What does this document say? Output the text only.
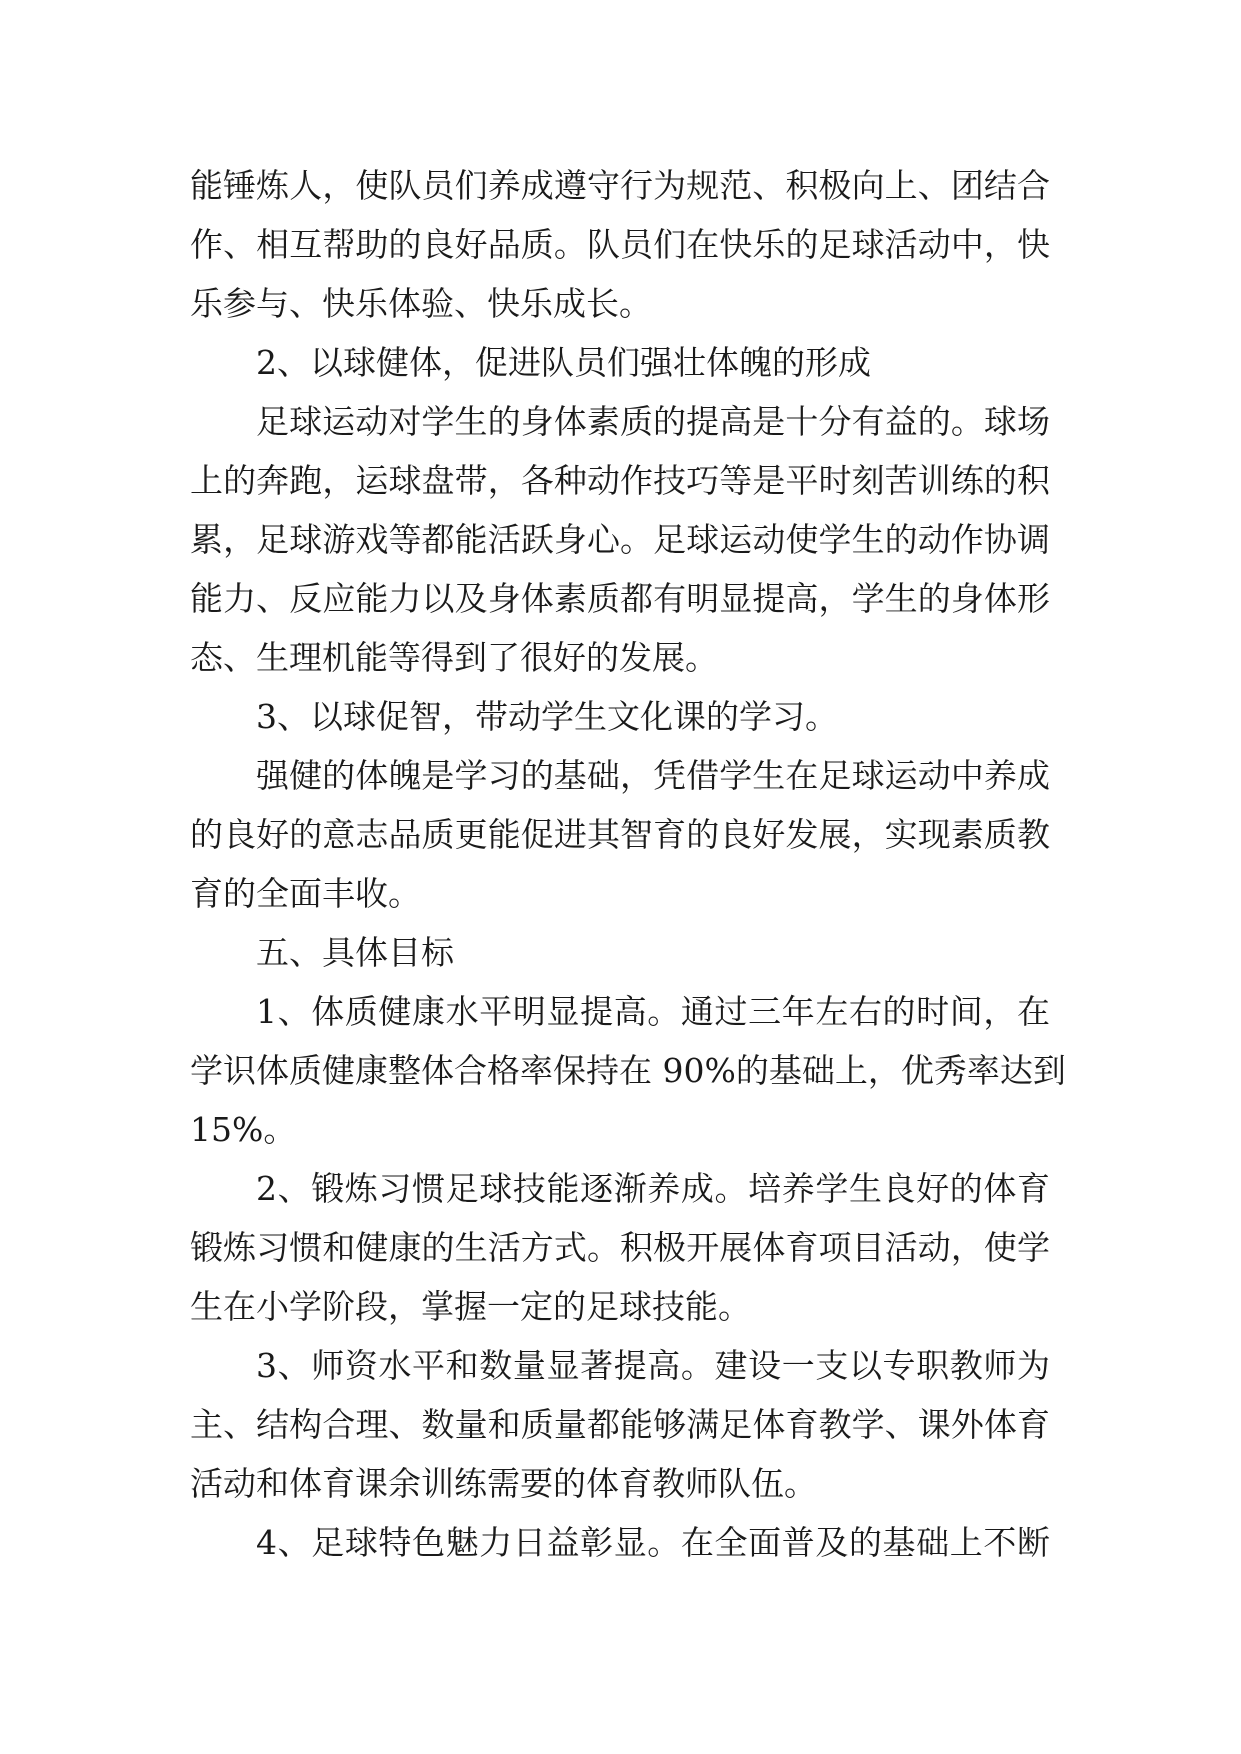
能锤炼人，使队员们养成遵守行为规范、积极向上、团结合
作、相互帮助的良好品质。队员们在快乐的足球活动中，快
乐参与、快乐体验、快乐成长。
2、以球健体，促进队员们强壮体魄的形成
足球运动对学生的身体素质的提高是十分有益的。球场
上的奔跑，运球盘带，各种动作技巧等是平时刻苦训练的积
累，足球游戏等都能活跃身心。足球运动使学生的动作协调
能力、反应能力以及身体素质都有明显提高，学生的身体形
态、生理机能等得到了很好的发展。
3、以球促智，带动学生文化课的学习。
强健的体魄是学习的基础，凭借学生在足球运动中养成
的良好的意志品质更能促进其智育的良好发展，实现素质教
育的全面丰收。
五、具体目标
1、体质健康水平明显提高。通过三年左右的时间，在
学识体质健康整体合格率保持在 90%的基础上，优秀率达到
15%。
2、锻炼习惯足球技能逐渐养成。培养学生良好的体育
锻炼习惯和健康的生活方式。积极开展体育项目活动，使学
生在小学阶段，掌握一定的足球技能。
3、师资水平和数量显著提高。建设一支以专职教师为
主、结构合理、数量和质量都能够满足体育教学、课外体育
活动和体育课余训练需要的体育教师队伍。
4、足球特色魅力日益彰显。在全面普及的基础上不断
